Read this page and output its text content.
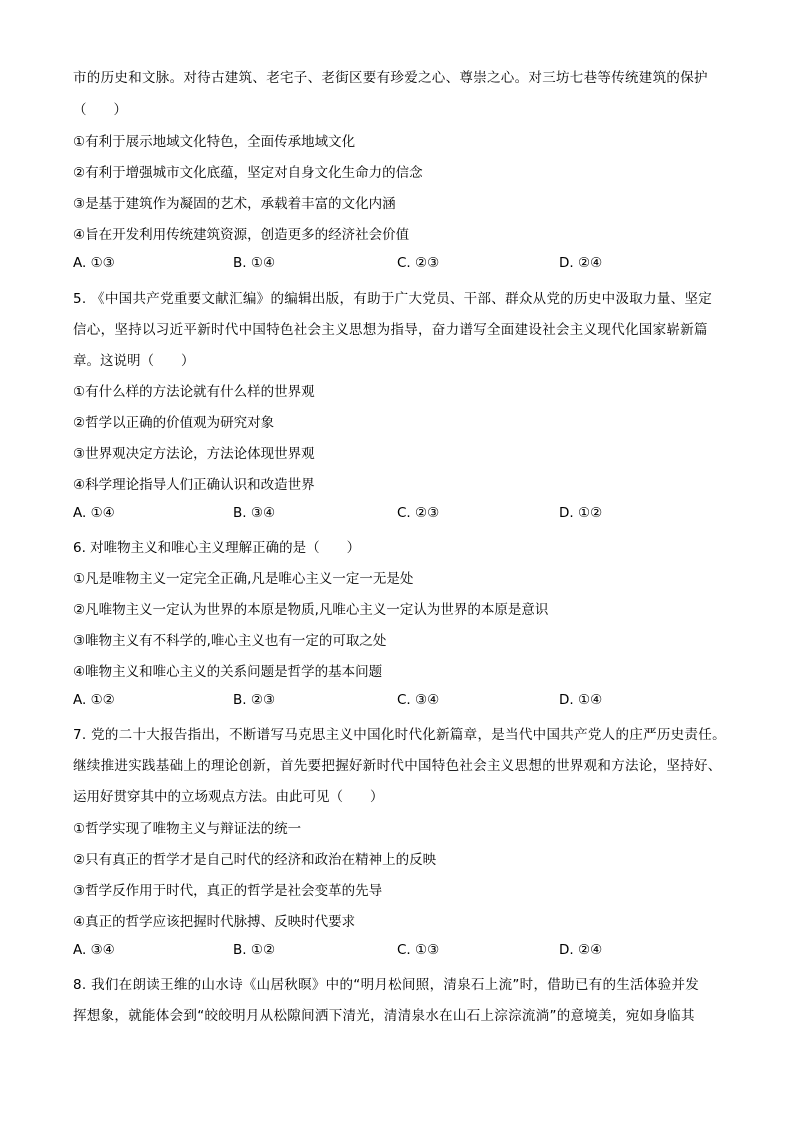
市的历史和文脉。对待古建筑、老宅子、老街区要有珍爱之心、尊崇之心。对三坊七巷等传统建筑的保护
（　　）
①有利于展示地域文化特色，全面传承地域文化
②有利于增强城市文化底蕴，坚定对自身文化生命力的信念
③是基于建筑作为凝固的艺术，承载着丰富的文化内涵
④旨在开发利用传统建筑资源，创造更多的经济社会价值
A. ①③	B. ①④	C. ②③	D. ②④
5. 《中国共产党重要文献汇编》的编辑出版，有助于广大党员、干部、群众从党的历史中汲取力量、坚定
信心，坚持以习近平新时代中国特色社会主义思想为指导，奋力谱写全面建设社会主义现代化国家崭新篇
章。这说明（　　）
①有什么样的方法论就有什么样的世界观
②哲学以正确的价值观为研究对象
③世界观决定方法论，方法论体现世界观
④科学理论指导人们正确认识和改造世界
A. ①④	B. ③④	C. ②③	D. ①②
6. 对唯物主义和唯心主义理解正确的是（　　）
①凡是唯物主义一定完全正确,凡是唯心主义一定一无是处
②凡唯物主义一定认为世界的本原是物质,凡唯心主义一定认为世界的本原是意识
③唯物主义有不科学的,唯心主义也有一定的可取之处
④唯物主义和唯心主义的关系问题是哲学的基本问题
A. ①②	B. ②③	C. ③④	D. ①④
7. 党的二十大报告指出，不断谱写马克思主义中国化时代化新篇章，是当代中国共产党人的庄严历史责任。
继续推进实践基础上的理论创新，首先要把握好新时代中国特色社会主义思想的世界观和方法论，坚持好、
运用好贯穿其中的立场观点方法。由此可见（　　）
①哲学实现了唯物主义与辩证法的统一
②只有真正的哲学才是自己时代的经济和政治在精神上的反映
③哲学反作用于时代，真正的哲学是社会变革的先导
④真正的哲学应该把握时代脉搏、反映时代要求
A. ③④	B. ①②	C. ①③	D. ②④
8. 我们在朗读王维的山水诗《山居秋暝》中的“明月松间照，清泉石上流”时，借助已有的生活体验并发
挥想象，就能体会到“皎皎明月从松隙间洒下清光，清清泉水在山石上淙淙流淌”的意境美，宛如身临其
